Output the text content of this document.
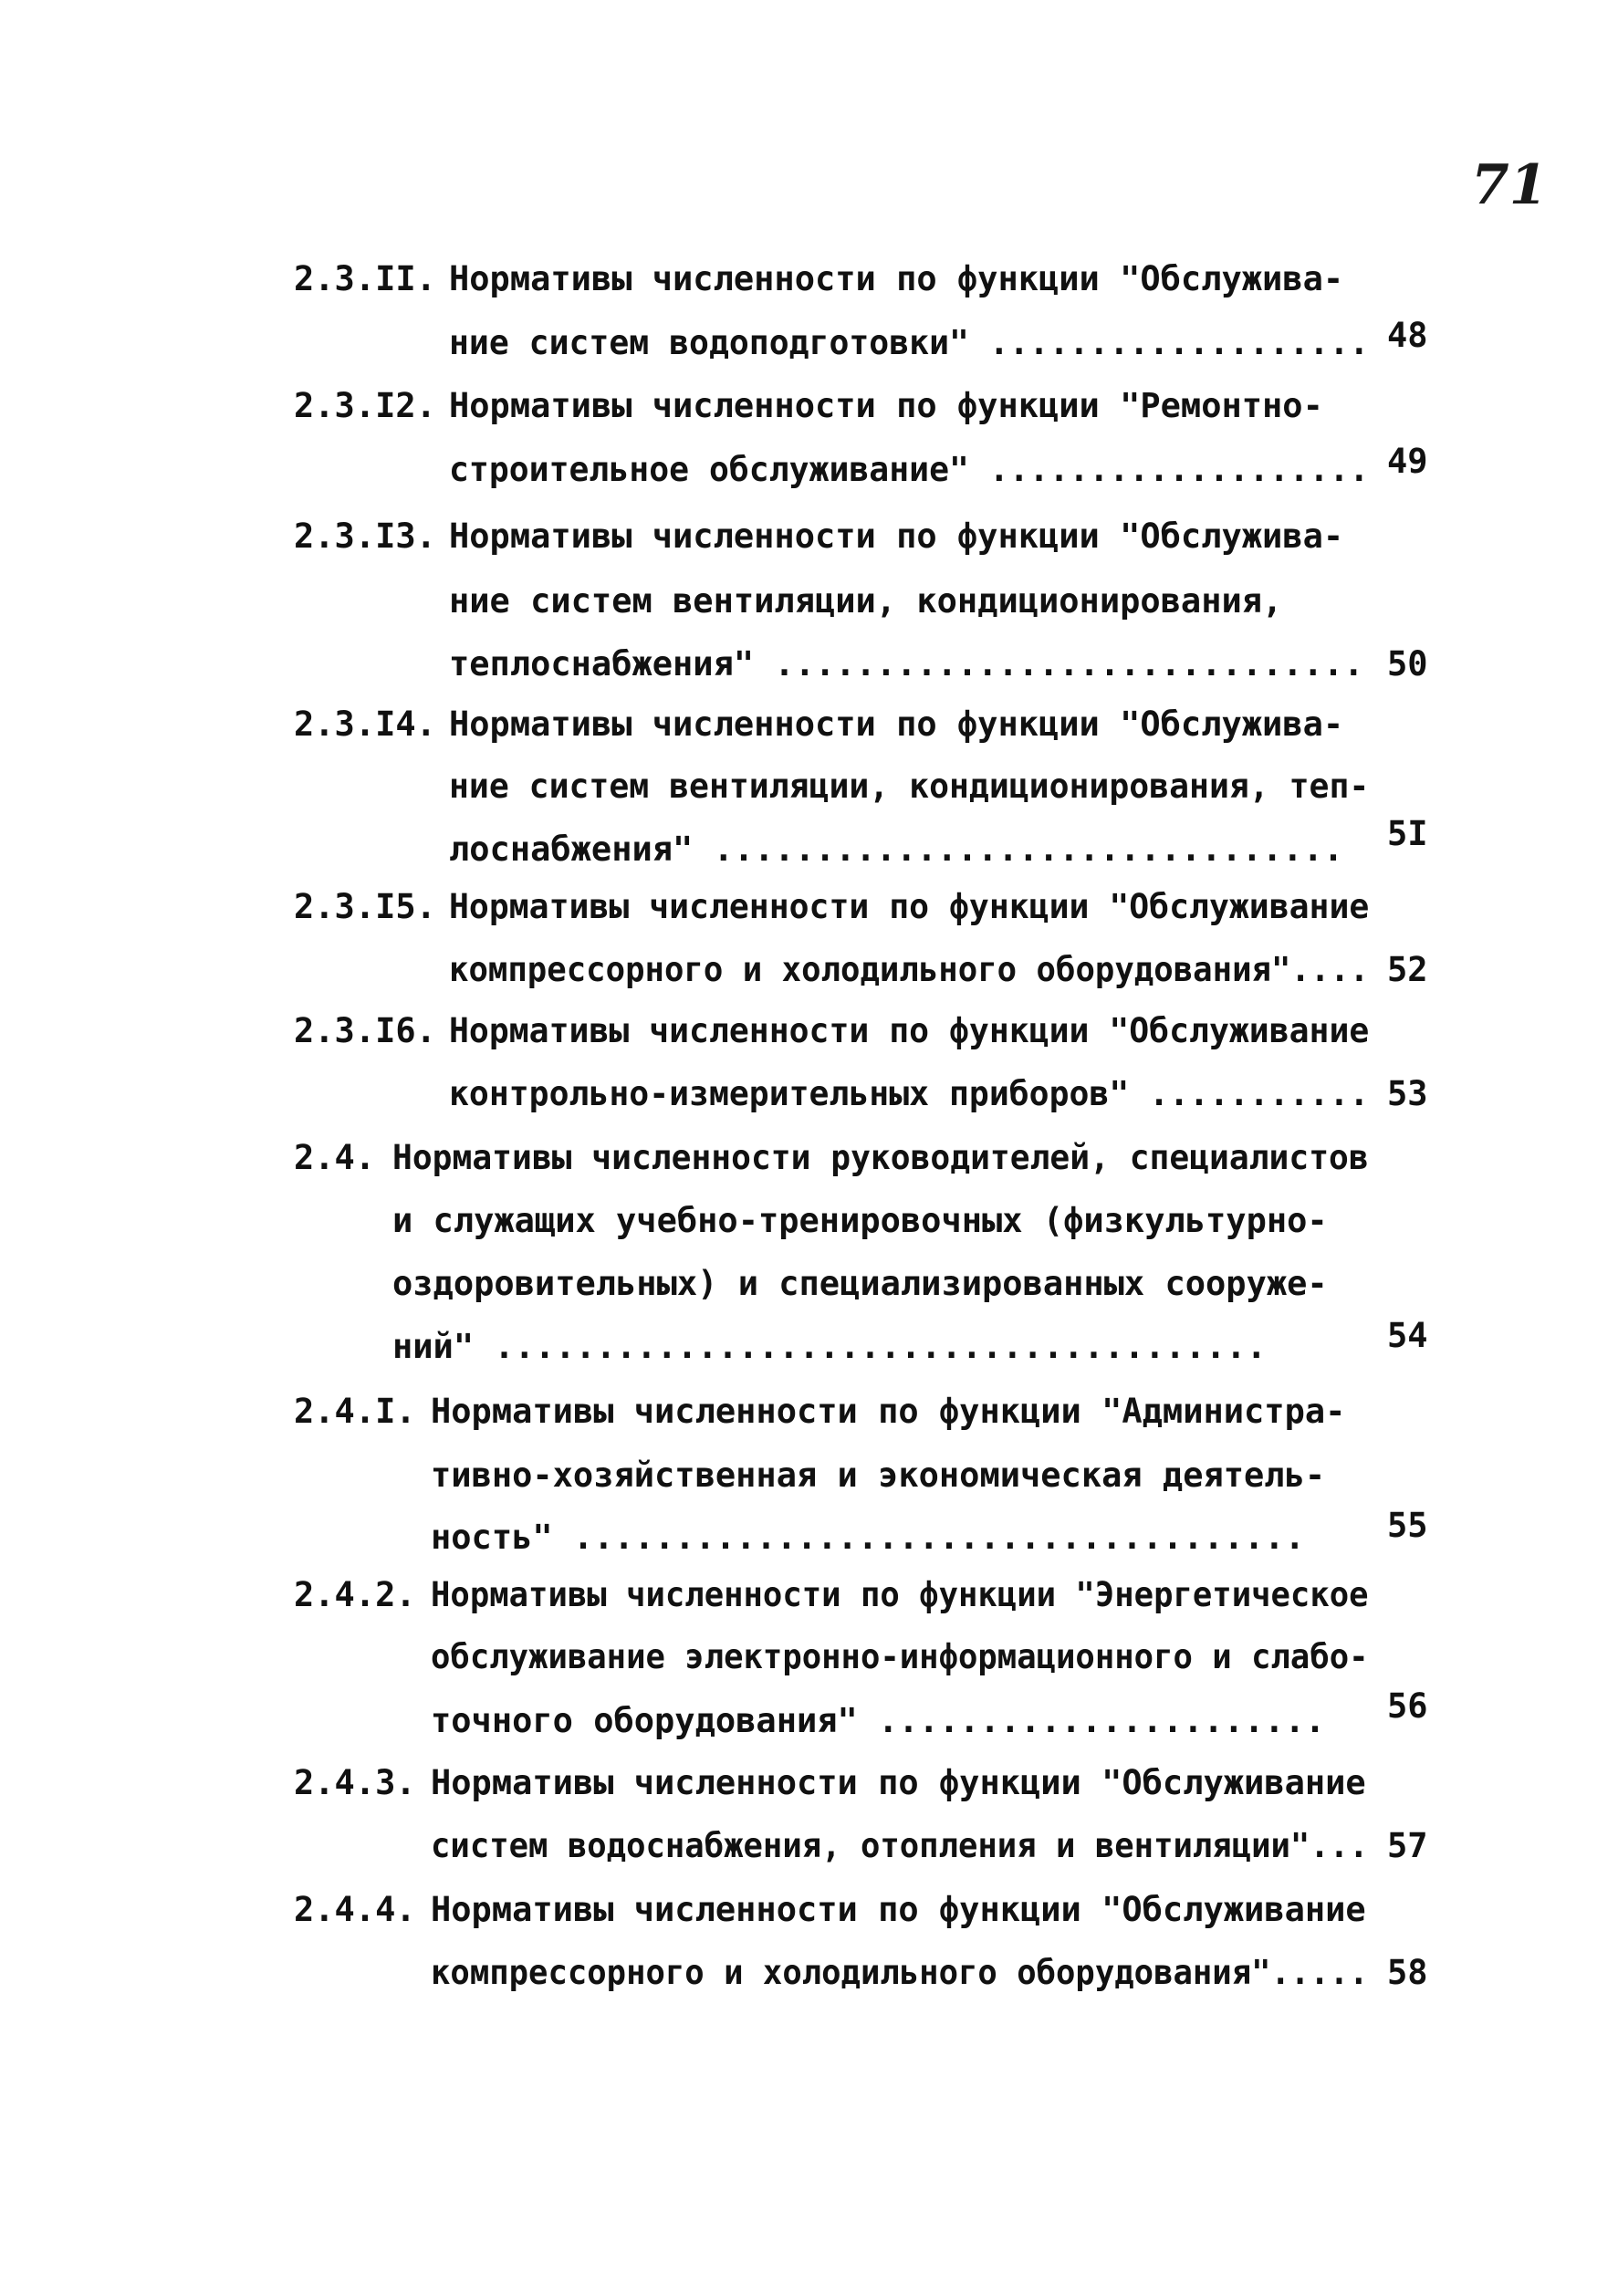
71
2.3.II. Нормативы численности по функции "Обслужива-
ние систем водоподготовки" ................... 48
2.3.I2. Нормативы численности по функции "Ремонтно-
строительное обслуживание" ................... 49
2.3.I3. Нормативы численности по функции "Обслужива-
ние систем вентиляции, кондиционирования,
теплоснабжения" ............................. 50
2.3.I4. Нормативы численности по функции "Обслужива-
ние систем вентиляции, кондиционирования, теп-
лоснабжения" ............................... 5I
2.3.I5. Нормативы численности по функции "Обслуживание
компрессорного и холодильного оборудования".... 52
2.3.I6. Нормативы численности по функции "Обслуживание
контрольно-измерительных приборов" ........... 53
2.4. Нормативы численности руководителей, специалистов
и служащих учебно-тренировочных (физкультурно-
оздоровительных) и специализированных сооруже-
ний" ......................................	54
2.4.I. Нормативы численности по функции "Администра-
тивно-хозяйственная и экономическая деятель-
ность" .................................... 55
2.4.2. Нормативы численности по функции "Энергетическое
обслуживание электронно-информационного и слабо-
точного оборудования" ...................... 56
2.4.3. Нормативы численности по функции "Обслуживание
систем водоснабжения, отопления и вентиляции"... 57
2.4.4. Нормативы численности по функции "Обслуживание
компрессорного и холодильного оборудования"..... 58
